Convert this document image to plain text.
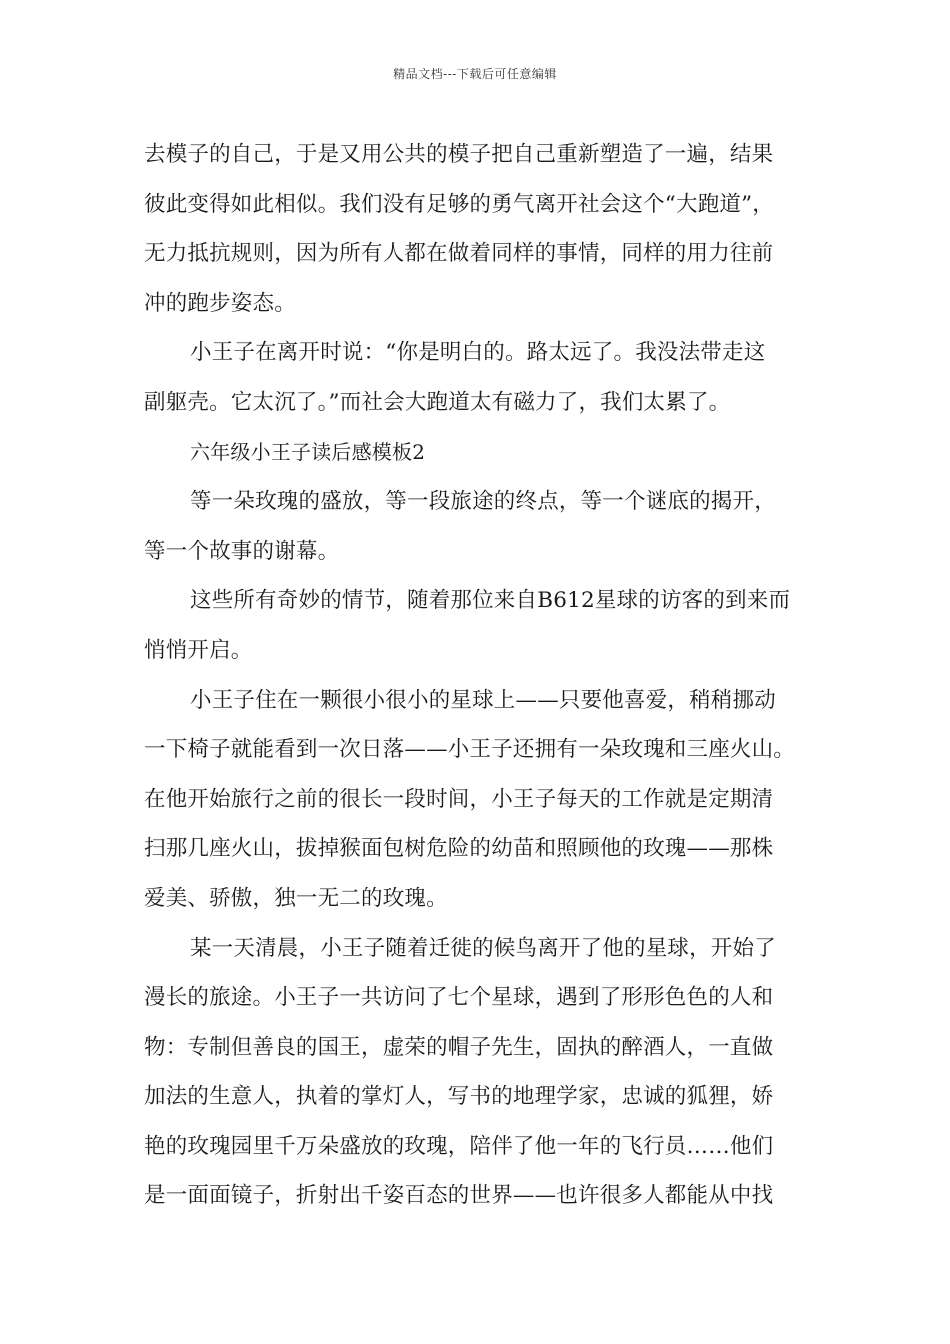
精品文档---下载后可任意编辑
去模子的自己，于是又用公共的模子把自己重新塑造了一遍，结果
彼此变得如此相似。我们没有足够的勇气离开社会这个“大跑道”，
无力抵抗规则，因为所有人都在做着同样的事情，同样的用力往前
冲的跑步姿态。
小王子在离开时说：“你是明白的。路太远了。我没法带走这
副躯壳。它太沉了。”而社会大跑道太有磁力了，我们太累了。
六年级小王子读后感模板2
等一朵玫瑰的盛放，等一段旅途的终点，等一个谜底的揭开，
等一个故事的谢幕。
这些所有奇妙的情节，随着那位来自B612星球的访客的到来而
悄悄开启。
小王子住在一颗很小很小的星球上——只要他喜爱，稍稍挪动
一下椅子就能看到一次日落——小王子还拥有一朵玫瑰和三座火山。
在他开始旅行之前的很长一段时间，小王子每天的工作就是定期清
扫那几座火山，拔掉猴面包树危险的幼苗和照顾他的玫瑰——那株
爱美、骄傲，独一无二的玫瑰。
某一天清晨，小王子随着迁徙的候鸟离开了他的星球，开始了
漫长的旅途。小王子一共访问了七个星球，遇到了形形色色的人和
物：专制但善良的国王，虚荣的帽子先生，固执的醉酒人，一直做
加法的生意人，执着的掌灯人，写书的地理学家，忠诚的狐狸，娇
艳的玫瑰园里千万朵盛放的玫瑰，陪伴了他一年的飞行员……他们
是一面面镜子，折射出千姿百态的世界——也许很多人都能从中找
